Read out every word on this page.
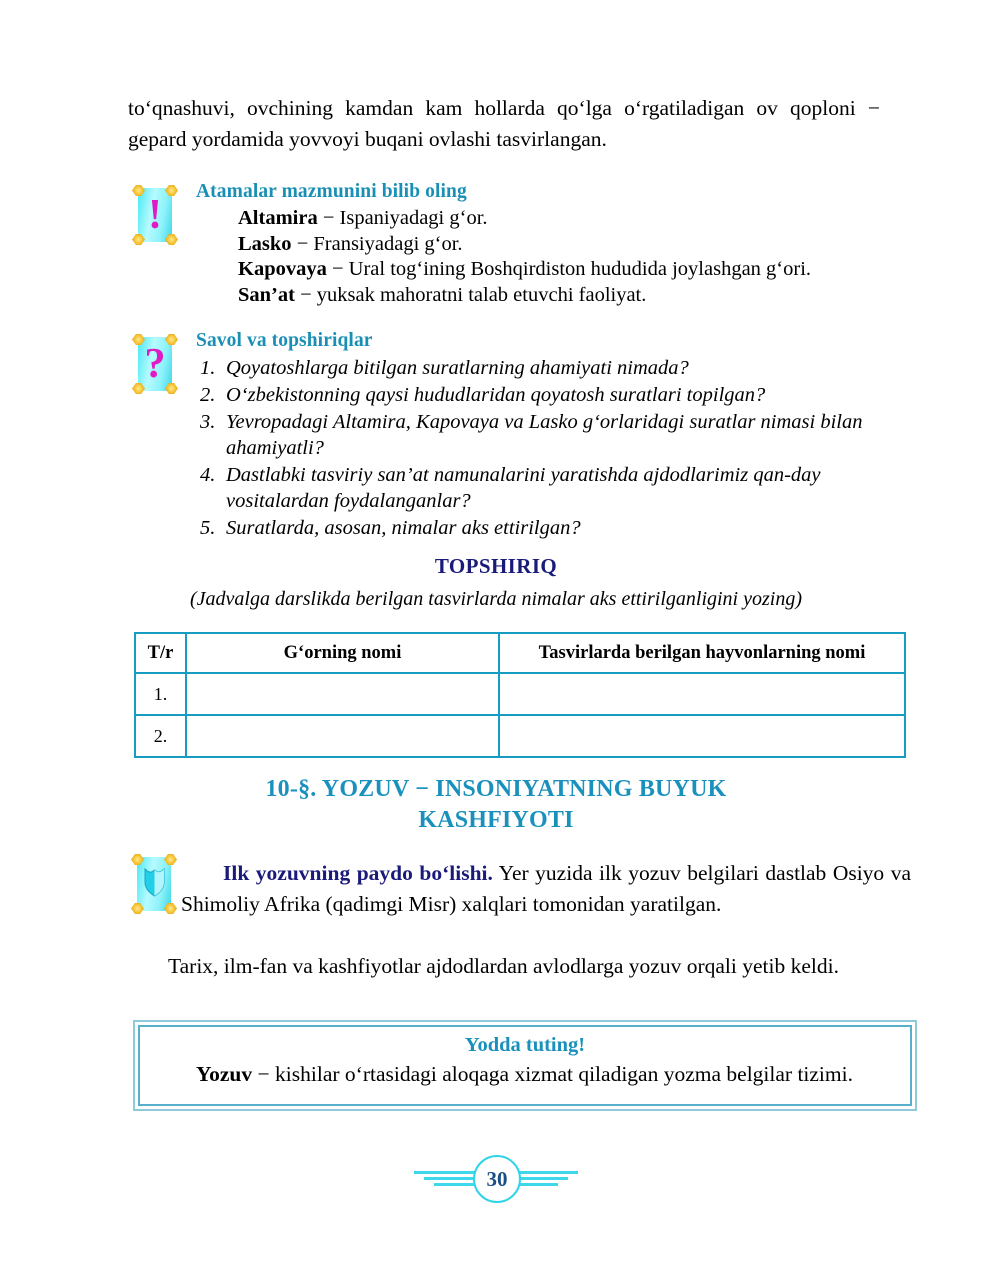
to‘qnashuvi, ovchining kamdan kam hollarda qo‘lga o‘rgatiladigan ov qoploni − gepard yordamida yovvoyi buqani ovlashi tasvirlangan.
!
Atamalar mazmunini bilib oling
Altamira − Ispaniyadagi g‘or.
Lasko − Fransiyadagi g‘or.
Kapovaya − Ural tog‘ining Boshqirdiston hududida joylashgan g‘ori.
San’at − yuksak mahoratni talab etuvchi faoliyat.
?
Savol va topshiriqlar
1. Qoyatoshlarga bitilgan suratlarning ahamiyati nimada?
2. O‘zbekistonning qaysi hududlaridan qoyatosh suratlari topilgan?
3. Yevropadagi Altamira, Kapovaya va Lasko g‘orlaridagi suratlar nimasi bilan ahamiyatli?
4. Dastlabki tasviriy san’at namunalarini yaratishda ajdodlarimiz qan-day vositalardan foydalanganlar?
5. Suratlarda, asosan, nimalar aks ettirilgan?
TOPSHIRIQ
(Jadvalga darslikda berilgan tasvirlarda nimalar aks ettirilganligini yozing)
T/r	G‘orning nomi	Tasvirlarda berilgan hayvonlarning nomi
1.		
2.		
10-§. YOZUV − INSONIYATNING BUYUK
KASHFIYOTI
Ilk yozuvning paydo bo‘lishi. Yer yuzida ilk yozuv belgilari dastlab Osiyo va Shimoliy Afrika (qadimgi Misr) xalqlari tomonidan yaratilgan.
Tarix, ilm-fan va kashfiyotlar ajdodlardan avlodlarga yozuv orqali yetib keldi.
Yodda tuting!
Yozuv − kishilar o‘rtasidagi aloqaga xizmat qiladigan yozma belgilar tizimi.
30
